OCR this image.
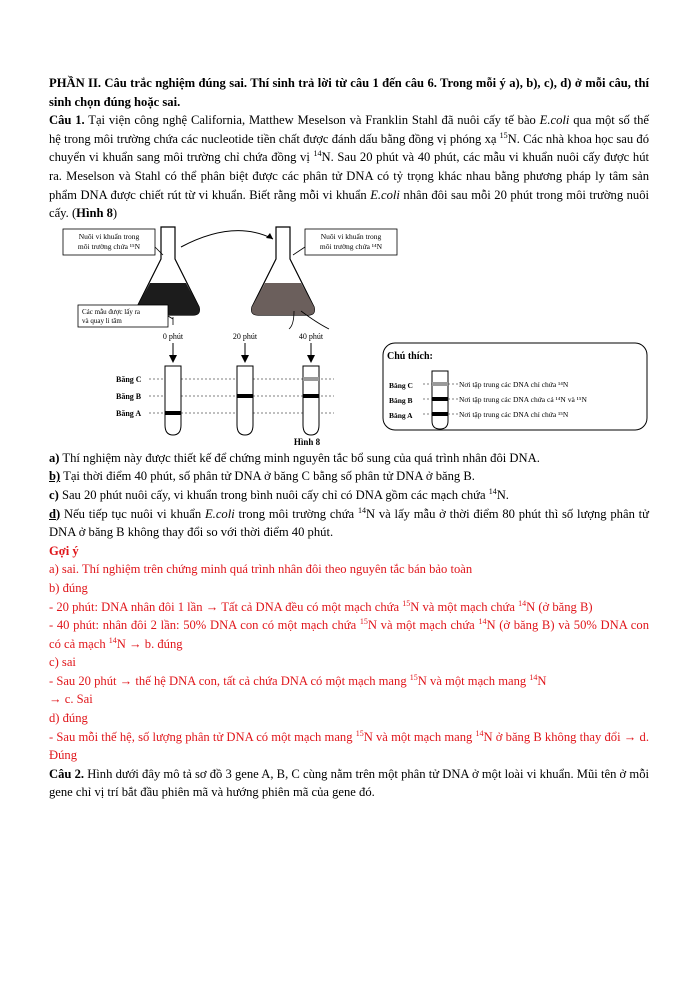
PHẦN II. Câu trắc nghiệm đúng sai. Thí sinh trả lời từ câu 1 đến câu 6. Trong mỗi ý a), b), c), d) ở mỗi câu, thí sinh chọn đúng hoặc sai.

Câu 1. Tại viện công nghệ California, Matthew Meselson và Franklin Stahl đã nuôi cấy tế bào E.coli qua một số thế hệ trong môi trường chứa các nucleotide tiền chất được đánh dấu bằng đồng vị phóng xạ $^{15}$N. Các nhà khoa học sau đó chuyển vi khuẩn sang môi trường chỉ chứa đồng vị $^{14}$N. Sau 20 phút và 40 phút, các mẫu vi khuẩn nuôi cấy được hút ra. Meselson và Stahl có thể phân biệt được các phân tử DNA có tỷ trọng khác nhau bằng phương pháp ly tâm sản phẩm DNA được chiết rút từ vi khuẩn. Biết rằng mỗi vi khuẩn E.coli nhân đôi sau mỗi 20 phút trong môi trường nuôi cấy. (Hình 8)

Nuôi vi khuẩn trong
môi trường chứa ¹⁵N
Nuôi vi khuẩn trong
môi trường chứa ¹⁴N
Các mẫu được lấy ra
và quay li tâm
0 phút	20 phút	40 phút
Băng C
Băng B
Băng A
Hình 8
Chú thích:
Băng C
Băng B
Băng A
Nơi tập trung các DNA chỉ chứa ¹⁴N
Nơi tập trung các DNA chứa cả ¹⁴N và ¹⁵N
Nơi tập trung các DNA chỉ chứa ¹⁵N

a) Thí nghiệm này được thiết kế để chứng minh nguyên tắc bổ sung của quá trình nhân đôi DNA.

b) Tại thời điểm 40 phút, số phân tử DNA ở băng C bằng số phân tử DNA ở băng B.

c) Sau 20 phút nuôi cấy, vi khuẩn trong bình nuôi cấy chỉ có DNA gồm các mạch chứa $^{14}$N.

d) Nếu tiếp tục nuôi vi khuẩn E.coli trong môi trường chứa $^{14}$N và lấy mẫu ở thời điểm 80 phút thì số lượng phân tử DNA ở băng B không thay đổi so với thời điểm 40 phút.

Gợi ý

a) sai. Thí nghiệm trên chứng minh quá trình nhân đôi theo nguyên tắc bán bảo toàn

b) đúng

- 20 phút: DNA nhân đôi 1 lần → Tất cả DNA đều có một mạch chứa $^{15}$N và một mạch chứa $^{14}$N (ở băng B)

- 40 phút: nhân đôi 2 lần: 50% DNA con có một mạch chứa $^{15}$N và một mạch chứa $^{14}$N (ở băng B) và 50% DNA con có cả mạch $^{14}$N → b. đúng

c) sai

- Sau 20 phút → thế hệ DNA con, tất cả chứa DNA có một mạch mang $^{15}$N và một mạch mang $^{14}$N

→ c. Sai

d) đúng

- Sau mỗi thế hệ, số lượng phân tử DNA có một mạch mang $^{15}$N và một mạch mang $^{14}$N ở băng B không thay đổi → d. Đúng

Câu 2. Hình dưới đây mô tả sơ đồ 3 gene A, B, C cùng nằm trên một phân tử DNA ở một loài vi khuẩn. Mũi tên ở mỗi gene chỉ vị trí bắt đầu phiên mã và hướng phiên mã của gene đó.
